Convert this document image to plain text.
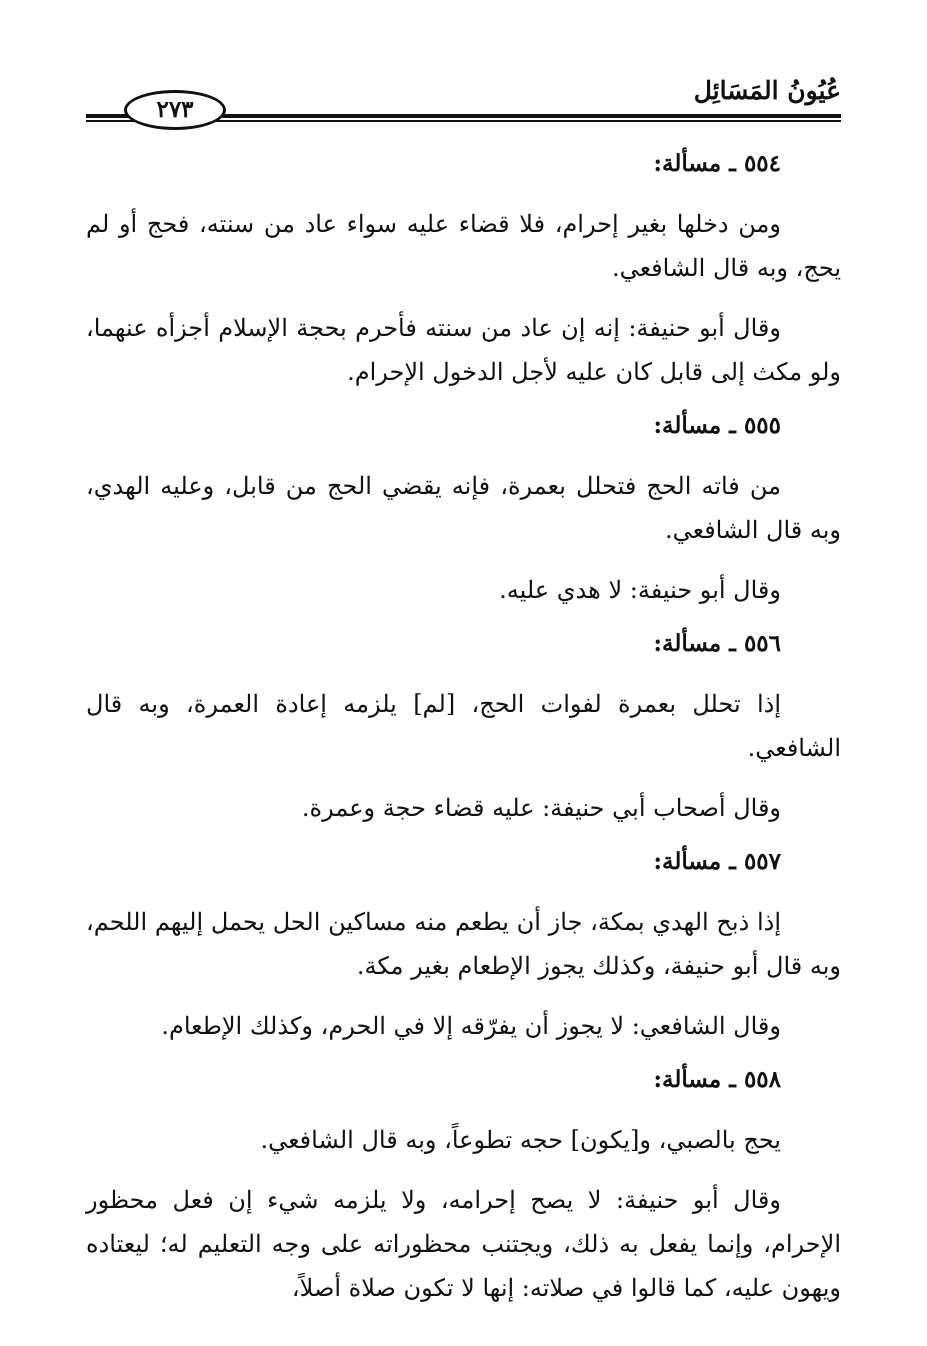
عُيُونُ المَسَائِل
٢٧٣

٥٥٤ ـ مسألة:

ومن دخلها بغير إحرام، فلا قضاء عليه سواء عاد من سنته، فحج أو لم يحج، وبه قال الشافعي.

وقال أبو حنيفة: إنه إن عاد من سنته فأحرم بحجة الإسلام أجزأه عنهما، ولو مكث إلى قابل كان عليه لأجل الدخول الإحرام.

٥٥٥ ـ مسألة:

من فاته الحج فتحلل بعمرة، فإنه يقضي الحج من قابل، وعليه الهدي، وبه قال الشافعي.

وقال أبو حنيفة: لا هدي عليه.

٥٥٦ ـ مسألة:

إذا تحلل بعمرة لفوات الحج، [لم] يلزمه إعادة العمرة، وبه قال الشافعي.

وقال أصحاب أبي حنيفة: عليه قضاء حجة وعمرة.

٥٥٧ ـ مسألة:

إذا ذبح الهدي بمكة، جاز أن يطعم منه مساكين الحل يحمل إليهم اللحم، وبه قال أبو حنيفة، وكذلك يجوز الإطعام بغير مكة.

وقال الشافعي: لا يجوز أن يفرّقه إلا في الحرم، وكذلك الإطعام.

٥٥٨ ـ مسألة:

يحج بالصبي، و[يكون] حجه تطوعاً، وبه قال الشافعي.

وقال أبو حنيفة: لا يصح إحرامه، ولا يلزمه شيء إن فعل محظور الإحرام، وإنما يفعل به ذلك، ويجتنب محظوراته على وجه التعليم له؛ ليعتاده ويهون عليه، كما قالوا في صلاته: إنها لا تكون صلاة أصلاً،
